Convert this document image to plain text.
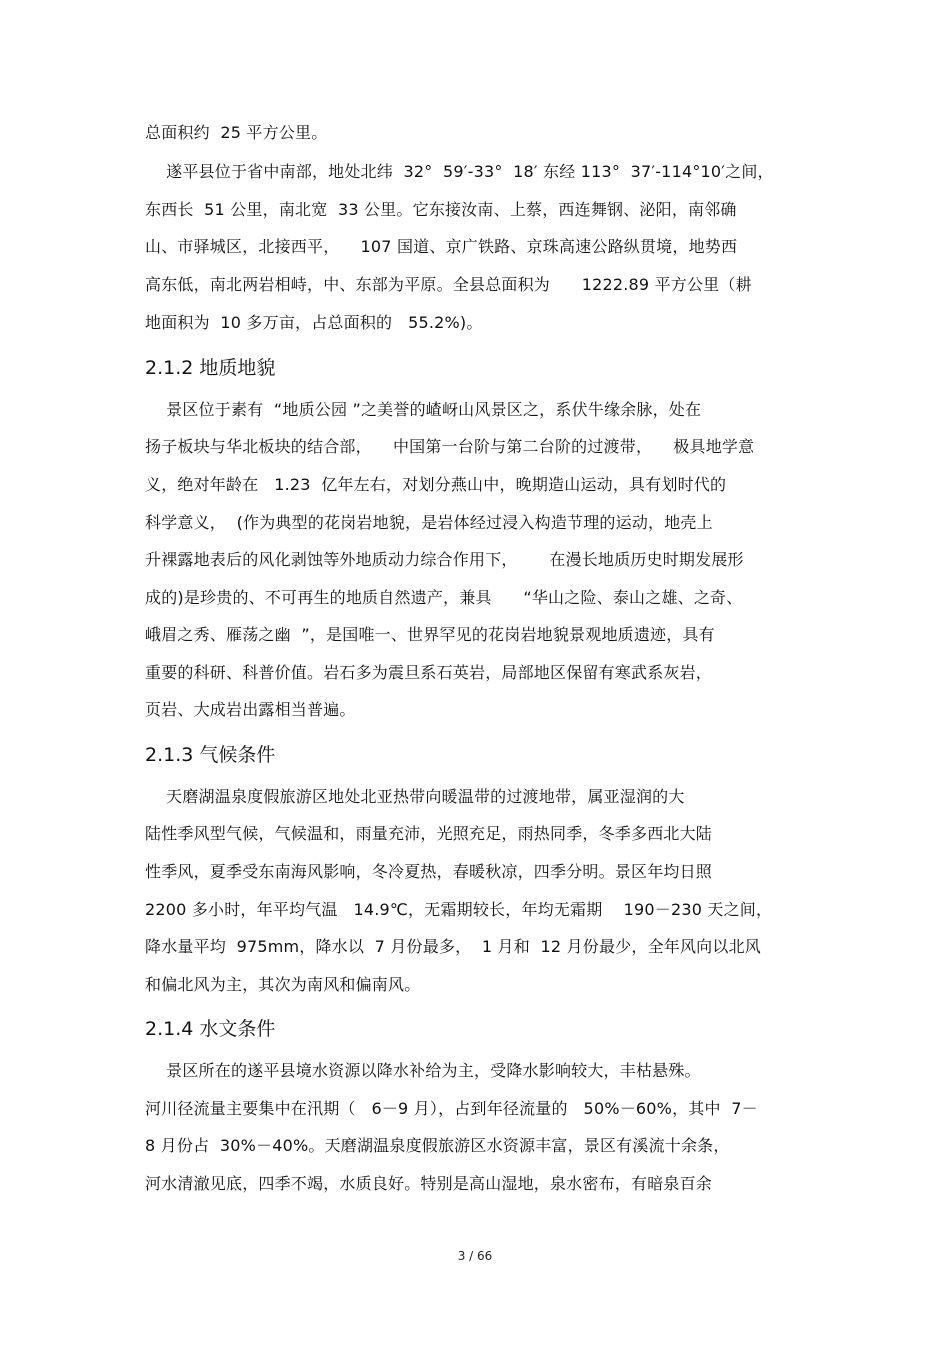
总面积约  25 平方公里。
遂平县位于省中南部，地处北纬  32°  59′-33°  18′ 东经 113°  37′-114°10′之间，
东西长  51 公里，南北宽  33 公里。它东接汝南、上蔡，西连舞钢、泌阳，南邻确
山、市驿城区，北接西平，    107 国道、京广铁路、京珠高速公路纵贯境，地势西
高东低，南北两岩相峙，中、东部为平原。全县总面积为      1222.89 平方公里（耕
地面积为  10 多万亩，占总面积的   55.2%)。
2.1.2 地质地貌
景区位于素有  “地质公园 ”之美誉的嵖岈山风景区之，系伏牛缘余脉，处在
扬子板块与华北板块的结合部，    中国第一台阶与第二台阶的过渡带，    极具地学意
义，绝对年龄在   1.23  亿年左右，对划分燕山中，晚期造山运动，具有划时代的
科学意义，  (作为典型的花岗岩地貌，是岩体经过浸入构造节理的运动，地壳上
升裸露地表后的风化剥蚀等外地质动力综合作用下，      在漫长地质历史时期发展形
成的)是珍贵的、不可再生的地质自然遗产，兼具      “华山之险、泰山之雄、之奇、
峨眉之秀、雁荡之幽  ”，是国唯一、世界罕见的花岗岩地貌景观地质遗迹，具有
重要的科研、科普价值。岩石多为震旦系石英岩，局部地区保留有寒武系灰岩，
页岩、大成岩出露相当普遍。
2.1.3 气候条件
天磨湖温泉度假旅游区地处北亚热带向暖温带的过渡地带，属亚湿润的大
陆性季风型气候，气候温和，雨量充沛，光照充足，雨热同季，冬季多西北大陆
性季风，夏季受东南海风影响，冬冷夏热，春暖秋凉，四季分明。景区年均日照
2200 多小时，年平均气温   14.9℃，无霜期较长，年均无霜期    190－230 天之间，
降水量平均  975mm，降水以  7 月份最多，  1 月和  12 月份最少，全年风向以北风
和偏北风为主，其次为南风和偏南风。
2.1.4 水文条件
景区所在的遂平县境水资源以降水补给为主，受降水影响较大，丰枯悬殊。
河川径流量主要集中在汛期（   6－9 月），占到年径流量的   50%－60%，其中  7－
8 月份占  30%－40%。天磨湖温泉度假旅游区水资源丰富，景区有溪流十余条，
河水清澈见底，四季不竭，水质良好。特别是高山湿地，泉水密布，有暗泉百余
3 / 66
